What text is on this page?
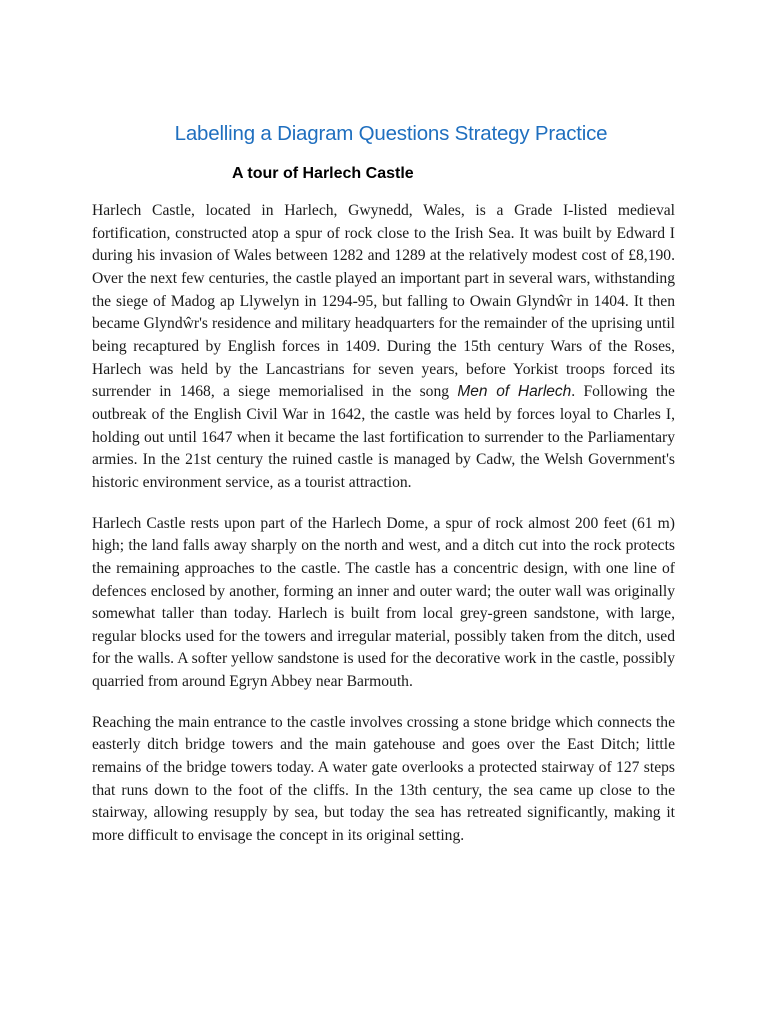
Labelling a Diagram Questions Strategy Practice
A tour of Harlech Castle

Harlech Castle, located in Harlech, Gwynedd, Wales, is a Grade I-listed medieval fortification, constructed atop a spur of rock close to the Irish Sea. It was built by Edward I during his invasion of Wales between 1282 and 1289 at the relatively modest cost of £8,190. Over the next few centuries, the castle played an important part in several wars, withstanding the siege of Madog ap Llywelyn in 1294-95, but falling to Owain Glyndŵr in 1404. It then became Glyndŵr's residence and military headquarters for the remainder of the uprising until being recaptured by English forces in 1409. During the 15th century Wars of the Roses, Harlech was held by the Lancastrians for seven years, before Yorkist troops forced its surrender in 1468, a siege memorialised in the song Men of Harlech. Following the outbreak of the English Civil War in 1642, the castle was held by forces loyal to Charles I, holding out until 1647 when it became the last fortification to surrender to the Parliamentary armies. In the 21st century the ruined castle is managed by Cadw, the Welsh Government's historic environment service, as a tourist attraction.

Harlech Castle rests upon part of the Harlech Dome, a spur of rock almost 200 feet (61 m) high; the land falls away sharply on the north and west, and a ditch cut into the rock protects the remaining approaches to the castle. The castle has a concentric design, with one line of defences enclosed by another, forming an inner and outer ward; the outer wall was originally somewhat taller than today. Harlech is built from local grey-green sandstone, with large, regular blocks used for the towers and irregular material, possibly taken from the ditch, used for the walls. A softer yellow sandstone is used for the decorative work in the castle, possibly quarried from around Egryn Abbey near Barmouth.

Reaching the main entrance to the castle involves crossing a stone bridge which connects the easterly ditch bridge towers and the main gatehouse and goes over the East Ditch; little remains of the bridge towers today. A water gate overlooks a protected stairway of 127 steps that runs down to the foot of the cliffs. In the 13th century, the sea came up close to the stairway, allowing resupply by sea, but today the sea has retreated significantly, making it more difficult to envisage the concept in its original setting.
